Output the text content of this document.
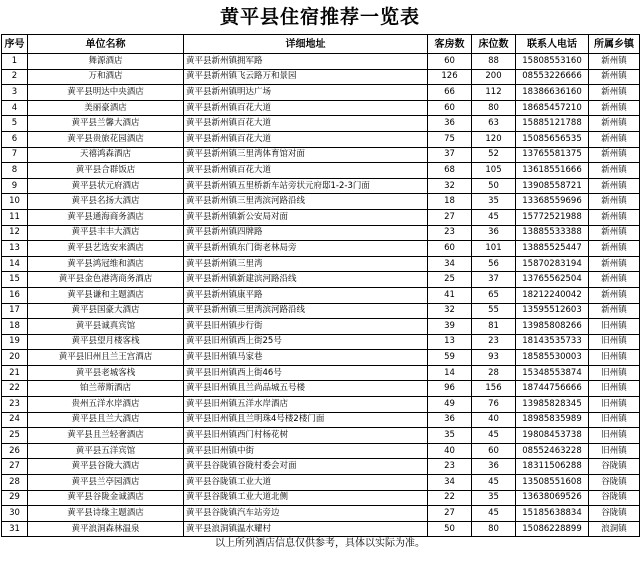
黄平县住宿推荐一览表
序号	单位名称	详细地址	客房数	床位数	联系人电话	所属乡镇
1	舞源酒店	黄平县新州镇拥军路	60	88	15808553160	新州镇
2	万和酒店	黄平县新州镇飞云路万和景园	126	200	08553226666	新州镇
3	黄平县明达中央酒店	黄平县新州镇明达广场	66	112	18386636160	新州镇
4	美丽豪酒店	黄平县新州镇百花大道	60	80	18685457210	新州镇
5	黄平县兰馨大酒店	黄平县新州镇百花大道	36	63	15885121788	新州镇
6	黄平县贵旅花园酒店	黄平县新州镇百花大道	75	120	15085656535	新州镇
7	天禧鸿森酒店	黄平县新州镇三里湾体育馆对面	37	52	13765581375	新州镇
8	黄平县合群饭店	黄平县新州镇百花大道	68	105	13618551666	新州镇
9	黄平县状元府酒店	黄平县新州镇五里桥新车站旁状元府邸1-2-3门面	32	50	13908558721	新州镇
10	黄平县名扬大酒店	黄平县新州镇三里湾滨河路沿线	18	35	13368559696	新州镇
11	黄平县通海商务酒店	黄平县新州镇新公安局对面	27	45	15772521988	新州镇
12	黄平县丰丰大酒店	黄平县新州镇四牌路	23	36	13885533388	新州镇
13	黄平县艺选安来酒店	黄平县新州镇东门街老林局旁	60	101	13885525447	新州镇
14	黄平县鸿冠维和酒店	黄平县新州镇三里湾	34	56	15870283194	新州镇
15	黄平县金色港湾商务酒店	黄平县新州镇新建滨河路沿线	25	37	13765562504	新州镇
16	黄平县谦和主题酒店	黄平县新州镇康平路	41	65	18212240042	新州镇
17	黄平县国豪大酒店	黄平县新州镇三里湾滨河路沿线	32	55	13595512603	新州镇
18	黄平县诚真宾馆	黄平县旧州镇步行街	39	81	13985808266	旧州镇
19	黄平县望月楼客栈	黄平县旧州镇西上街25号	13	23	18143535733	旧州镇
20	黄平县旧州且兰王宫酒店	黄平县旧州镇马家巷	59	93	18585530003	旧州镇
21	黄平县老城客栈	黄平县旧州镇西上街46号	14	28	15348553874	旧州镇
22	铂兰蒂斯酒店	黄平县旧州镇且兰尚品城五号楼	96	156	18744756666	旧州镇
23	贵州五洋水岸酒店	黄平县旧州镇五洋水岸酒店	49	76	13985828345	旧州镇
24	黄平县且兰大酒店	黄平县旧州镇且兰明珠4号楼2楼门面	36	40	18985835989	旧州镇
25	黄平县且兰轻奢酒店	黄平县旧州镇西门村杨花树	35	45	19808453738	旧州镇
26	黄平县五洋宾馆	黄平县旧州镇中街	40	60	08552463228	旧州镇
27	黄平县谷陇大酒店	黄平县谷陇镇谷陇村委会对面	23	36	18311506288	谷陇镇
28	黄平县兰亭园酒店	黄平县谷陇镇工业大道	34	45	13508551608	谷陇镇
29	黄平县谷陇金诚酒店	黄平县谷陇镇工业大道北侧	22	35	13638069526	谷陇镇
30	黄平县诗缘主题酒店	黄平县谷陇镇汽车站旁边	27	45	15185638834	谷陇镇
31	黄平浪洞森林温泉	黄平县浪洞镇温水耀村	50	80	15086228899	浪洞镇
以上所列酒店信息仅供参考，具体以实际为准。
